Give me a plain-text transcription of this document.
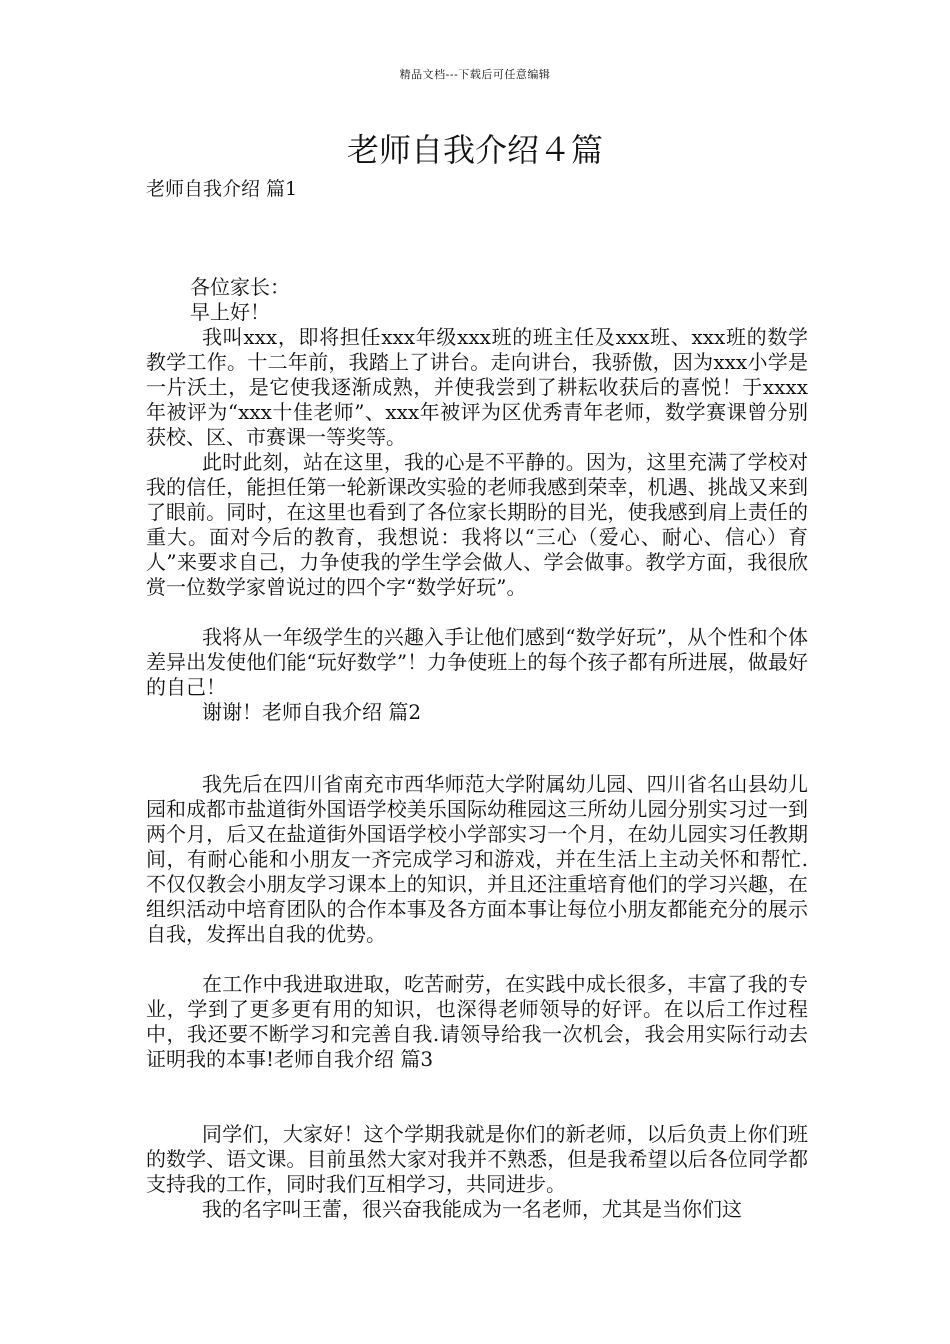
精品文档---下载后可任意编辑
老师自我介绍４篇
老师自我介绍 篇1

各位家长：

早上好！

我叫xxx，即将担任xxx年级xxx班的班主任及xxx班、xxx班的数学教学工作。十二年前，我踏上了讲台。走向讲台，我骄傲，因为xxx小学是一片沃土，是它使我逐渐成熟，并使我尝到了耕耘收获后的喜悦！于xxxx年被评为“xxx十佳老师”、xxx年被评为区优秀青年老师，数学赛课曾分别获校、区、市赛课一等奖等。

此时此刻，站在这里，我的心是不平静的。因为，这里充满了学校对我的信任，能担任第一轮新课改实验的老师我感到荣幸，机遇、挑战又来到了眼前。同时，在这里也看到了各位家长期盼的目光，使我感到肩上责任的重大。面对今后的教育，我想说：我将以“三心（爱心、耐心、信心）育人”来要求自己，力争使我的学生学会做人、学会做事。教学方面，我很欣赏一位数学家曾说过的四个字“数学好玩”。

我将从一年级学生的兴趣入手让他们感到“数学好玩”，从个性和个体差异出发使他们能“玩好数学”！力争使班上的每个孩子都有所进展，做最好的自己！

谢谢！老师自我介绍 篇2

我先后在四川省南充市西华师范大学附属幼儿园、四川省名山县幼儿园和成都市盐道街外国语学校美乐国际幼稚园这三所幼儿园分别实习过一到两个月，后又在盐道街外国语学校小学部实习一个月，在幼儿园实习任教期间，有耐心能和小朋友一齐完成学习和游戏，并在生活上主动关怀和帮忙.不仅仅教会小朋友学习课本上的知识，并且还注重培育他们的学习兴趣，在组织活动中培育团队的合作本事及各方面本事让每位小朋友都能充分的展示自我，发挥出自我的优势。

在工作中我进取进取，吃苦耐劳，在实践中成长很多，丰富了我的专业，学到了更多更有用的知识，也深得老师领导的好评。在以后工作过程中，我还要不断学习和完善自我.请领导给我一次机会，我会用实际行动去证明我的本事!老师自我介绍 篇3

同学们，大家好！这个学期我就是你们的新老师，以后负责上你们班的数学、语文课。目前虽然大家对我并不熟悉，但是我希望以后各位同学都支持我的工作，同时我们互相学习，共同进步。

我的名字叫王蕾，很兴奋我能成为一名老师，尤其是当你们这
